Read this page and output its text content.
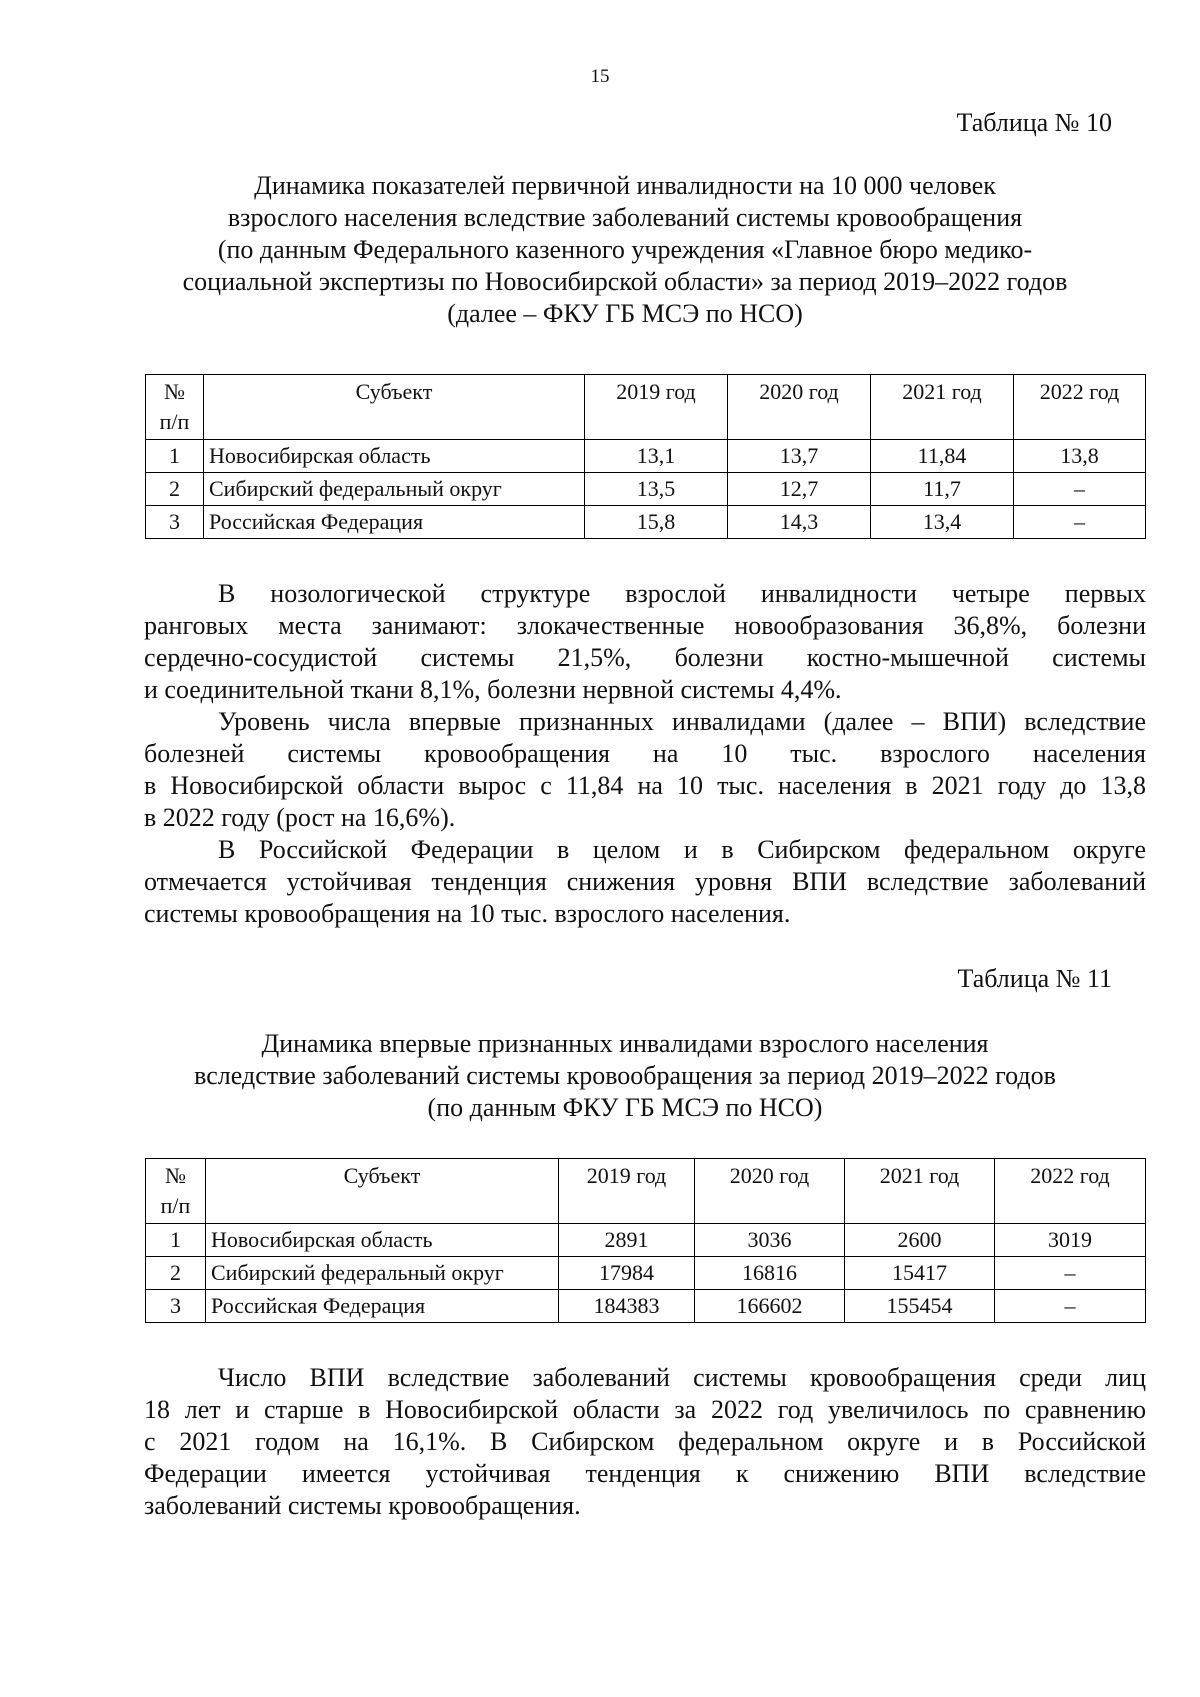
15
Таблица № 10
Динамика показателей первичной инвалидности на 10 000 человек
взрослого населения вследствие заболеваний системы кровообращения
(по данным Федерального казенного учреждения «Главное бюро медико-
социальной экспертизы по Новосибирской области» за период 2019–2022 годов
(далее – ФКУ ГБ МСЭ по НСО)
№
п/п	Субъект	2019 год	2020 год	2021 год	2022 год
1	Новосибирская область	13,1	13,7	11,84	13,8
2	Сибирский федеральный округ	13,5	12,7	11,7	–
3	Российская Федерация	15,8	14,3	13,4	–

В нозологической структуре взрослой инвалидности четыре первых
ранговых места занимают: злокачественные новообразования 36,8%, болезни
сердечно-сосудистой системы 21,5%, болезни костно-мышечной системы
и соединительной ткани 8,1%, болезни нервной системы 4,4%.

Уровень числа впервые признанных инвалидами (далее – ВПИ) вследствие
болезней системы кровообращения на 10 тыс. взрослого населения
в Новосибирской области вырос с 11,84 на 10 тыс. населения в 2021 году до 13,8
в 2022 году (рост на 16,6%).

В Российской Федерации в целом и в Сибирском федеральном округе
отмечается устойчивая тенденция снижения уровня ВПИ вследствие заболеваний
системы кровообращения на 10 тыс. взрослого населения.

Таблица № 11
Динамика впервые признанных инвалидами взрослого населения
вследствие заболеваний системы кровообращения за период 2019–2022 годов
(по данным ФКУ ГБ МСЭ по НСО)
№
п/п	Субъект	2019 год	2020 год	2021 год	2022 год
1	Новосибирская область	2891	3036	2600	3019
2	Сибирский федеральный округ	17984	16816	15417	–
3	Российская Федерация	184383	166602	155454	–

Число ВПИ вследствие заболеваний системы кровообращения среди лиц
18 лет и старше в Новосибирской области за 2022 год увеличилось по сравнению
с 2021 годом на 16,1%. В Сибирском федеральном округе и в Российской
Федерации имеется устойчивая тенденция к снижению ВПИ вследствие
заболеваний системы кровообращения.
